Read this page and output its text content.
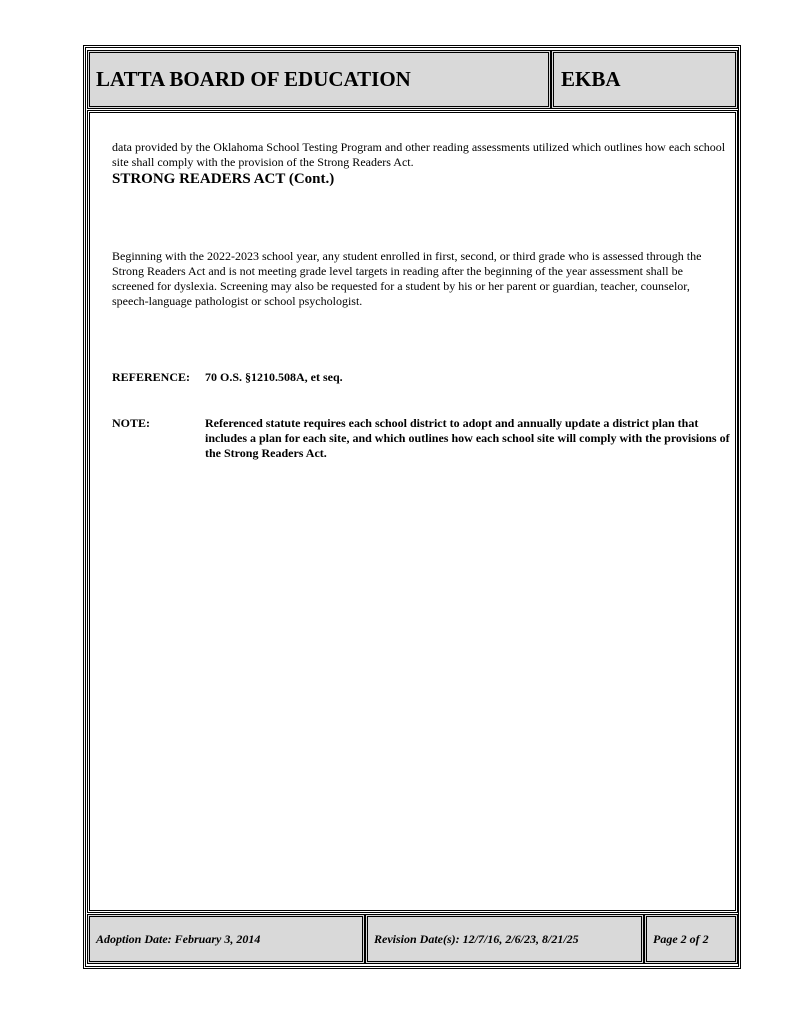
LATTA BOARD OF EDUCATION	EKBA

data provided by the Oklahoma School Testing Program and other reading assessments utilized which outlines how each school site shall comply with the provision of the Strong Readers Act.

STRONG READERS ACT (Cont.)

Beginning with the 2022-2023 school year, any student enrolled in first, second, or third grade who is assessed through the Strong Readers Act and is not meeting grade level targets in reading after the beginning of the year assessment shall be screened for dyslexia. Screening may also be requested for a student by his or her parent or guardian, teacher, counselor, speech-language pathologist or school psychologist.

REFERENCE: 70 O.S. §1210.508A, et seq.
NOTE:	Referenced statute requires each school district to adopt and annually update a district plan that includes a plan for each site, and which outlines how each school site will comply with the provisions of the Strong Readers Act.

Adoption Date: February 3, 2014	Revision Date(s): 12/7/16, 2/6/23, 8/21/25	Page 2 of 2
